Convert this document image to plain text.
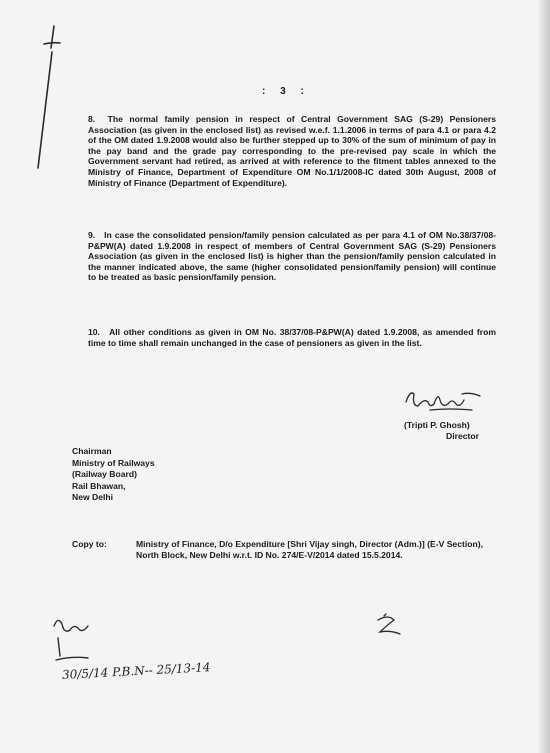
: 3 :
8. The normal family pension in respect of Central Government SAG (S-29) Pensioners Association (as given in the enclosed list) as revised w.e.f. 1.1.2006 in terms of para 4.1 or para 4.2 of the OM dated 1.9.2008 would also be further stepped up to 30% of the sum of minimum of pay in the pay band and the grade pay corresponding to the pre-revised pay scale in which the Government servant had retired, as arrived at with reference to the fitment tables annexed to the Ministry of Finance, Department of Expenditure OM No.1/1/2008-IC dated 30th August, 2008 of Ministry of Finance (Department of Expenditure).
9. In case the consolidated pension/family pension calculated as per para 4.1 of OM No.38/37/08-P&PW(A) dated 1.9.2008 in respect of members of Central Government SAG (S-29) Pensioners Association (as given in the enclosed list) is higher than the pension/family pension calculated in the manner indicated above, the same (higher consolidated pension/family pension) will continue to be treated as basic pension/family pension.
10. All other conditions as given in OM No. 38/37/08-P&PW(A) dated 1.9.2008, as amended from time to time shall remain unchanged in the case of pensioners as given in the list.
(Tripti P. Ghosh)
Director
Chairman
Ministry of Railways
(Railway Board)
Rail Bhawan,
New Delhi
Copy to:	Ministry of Finance, D/o Expenditure [Shri Vijay singh, Director (Adm.)] (E-V Section), North Block, New Delhi w.r.t. ID No. 274/E-V/2014 dated 15.5.2014.
30/5/14 P.B.N-- 25/13-14
